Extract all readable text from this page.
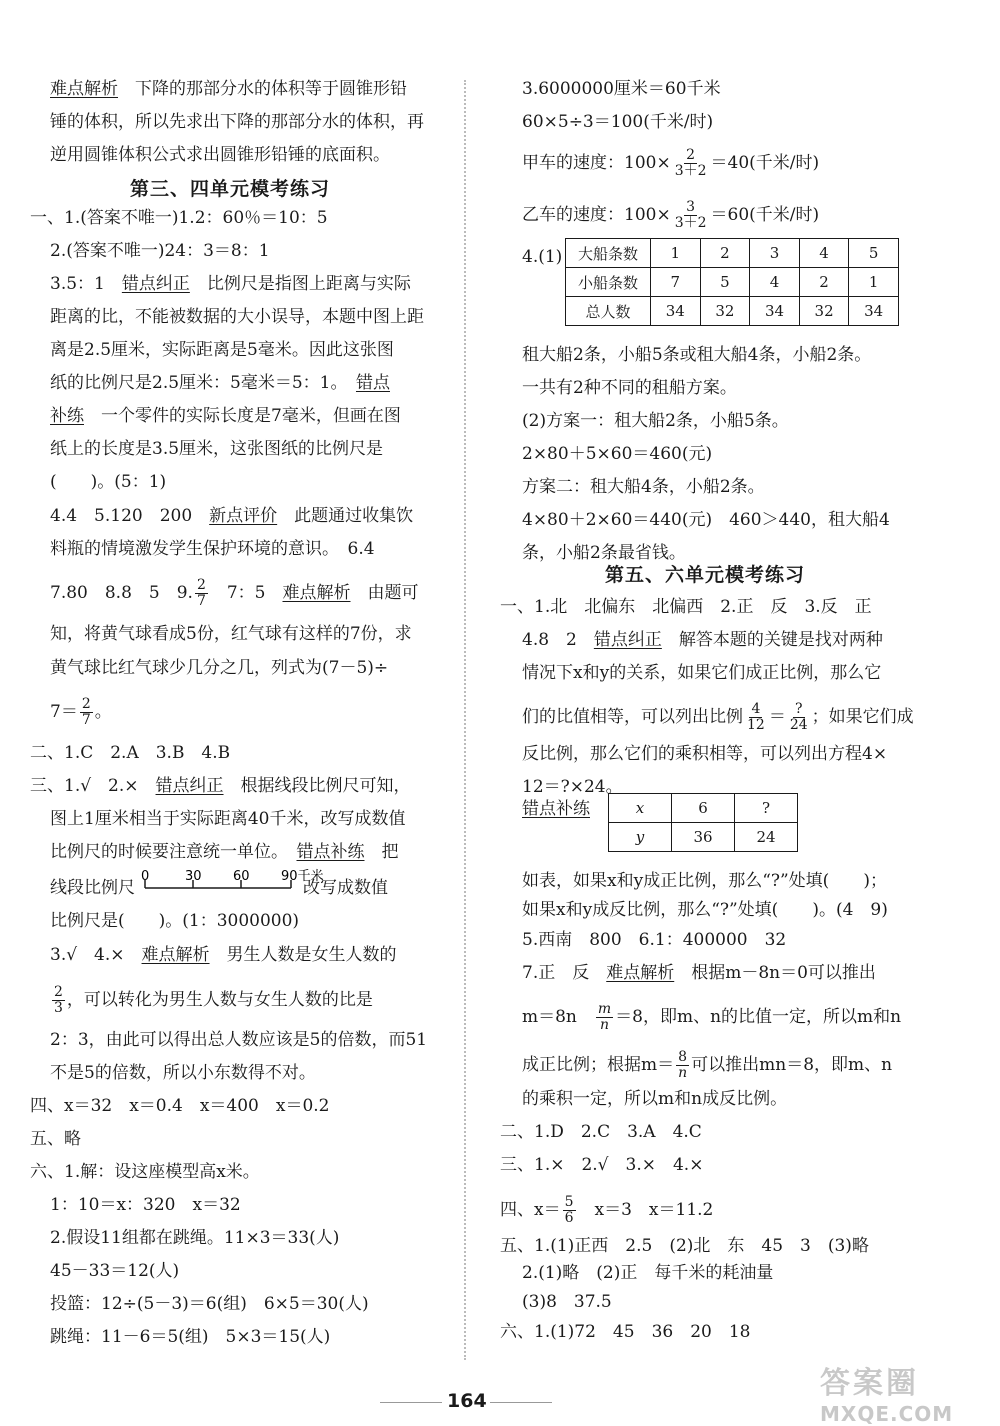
难点解析　下降的那部分水的体积等于圆锥形铅
锤的体积，所以先求出下降的那部分水的体积，再
逆用圆锥体积公式求出圆锥形铅锤的底面积。
第三、四单元模考练习
一、1.(答案不唯一)1.2：60％＝10：5
2.(答案不唯一)24：3＝8：1
3.5：1　错点纠正　比例尺是指图上距离与实际
距离的比，不能被数据的大小误导，本题中图上距
离是2.5厘米，实际距离是5毫米。因此这张图
纸的比例尺是2.5厘米：5毫米＝5：1。　错点
补练　一个零件的实际长度是7毫米，但画在图
纸上的长度是3.5厘米，这张图纸的比例尺是
(　　)。(5：1)
4.4　5.120　200　新点评价　此题通过收集饮
料瓶的情境激发学生保护环境的意识。　6.4
7.80　8.8　5　9. $\frac{2}{7}$ 　7：5　难点解析　由题可
知，将黄气球看成5份，红气球有这样的7份，求
黄气球比红气球少几分之几，列式为(7－5)÷
$7= \frac{2}{7}$ 。
二、1.C　2.A　3.B　4.B
三、1.√　2.×　错点纠正　根据线段比例尺可知，
图上1厘米相当于实际距离40千米，改写成数值
比例尺的时候要注意统一单位。　错点补练　把
线段比例尺	改写成数值
0	30 60 90千米
比例尺是(　　)。(1：3000000)
3.√　4.×　难点解析　男生人数是女生人数的
$\frac{2}{3}$ ，可以转化为男生人数与女生人数的比是
2：3，由此可以得出总人数应该是5的倍数，而51
不是5的倍数，所以小东数得不对。
四、x＝32　x＝0.4　x＝400　x＝0.2
五、略
六、1.解：设这座模型高x米。
1：10＝x：320　x＝32
2.假设11组都在跳绳。11×3＝33(人)
45－33＝12(人)
投篮：12÷(5－3)＝6(组)　6×5＝30(人)
跳绳：11－6＝5(组)　5×3＝15(人)
3.6000000厘米＝60千米
60×5÷3＝100(千米/时)
甲车的速度：$100\times \frac{2}{3+2} =40$(千米/时)
乙车的速度：$100\times \frac{3}{3+2} =60$(千米/时)
4.(1) 大船条数	1	2	3	4	5
小船条数	7	5	4	2	1
总人数	34	32	34	32	34
租大船2条，小船5条或租大船4条，小船2条。
一共有2种不同的租船方案。
(2)方案一：租大船2条，小船5条。
2×80＋5×60＝460(元)
方案二：租大船4条，小船2条。
4×80＋2×60＝440(元)　460＞440，租大船4
条，小船2条最省钱。
第五、六单元模考练习
一、1.北　北偏东　北偏西　2.正　反　3.反　正
4.8　2　错点纠正　解答本题的关键是找对两种
情况下x和y的关系，如果它们成正比例，那么它
们的比值相等，可以列出比例 $\frac{4}{12} = \frac{?}{24}$ ；如果它们成
反比例，那么它们的乘积相等，可以列出方程4×
12＝?×24。
错点补练	x	6	?
y	36	24
如表，如果x和y成正比例，那么“?”处填(　　)；
如果x和y成反比例，那么“?”处填(　　)。(4　9)
5.西南　800　6.1：400000　32
7.正　反　难点解析　根据m－8n＝0可以推出
m＝8n　 $\frac{m}{n} =8$，即m、n的比值一定，所以m和n
成正比例；根据$m= \frac{8}{n}$ 可以推出mn＝8，即m、n
的乘积一定，所以m和n成反比例。
二、1.D　2.C　3.A　4.C
三、1.×　2.√　3.×　4.×
四、$x= \frac{5}{6}$ 　x＝3　x＝11.2
五、1.(1)正西　2.5　(2)北　东　45　3　(3)略
2.(1)略　(2)正　每千米的耗油量
(3)8　37.5
六、1.(1)72　45　36　20　18
164	答案圈
MXQE.COM
